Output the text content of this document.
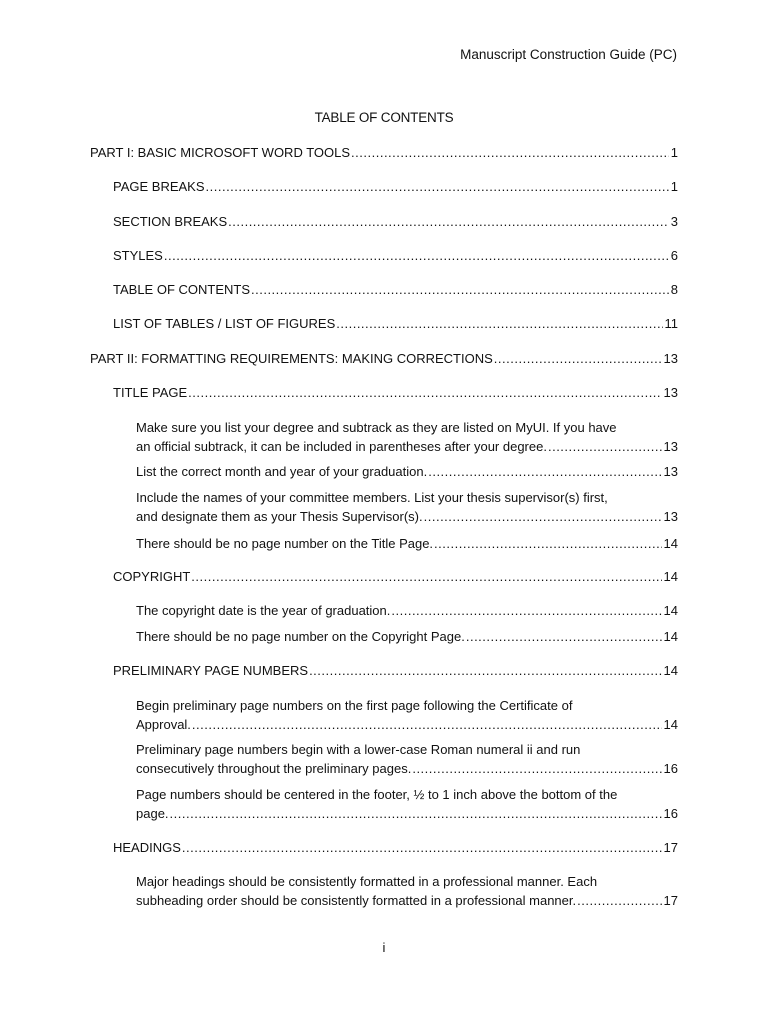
Manuscript Construction Guide (PC)
TABLE OF CONTENTS
PART I: BASIC MICROSOFT WORD TOOLS .....	1
PAGE BREAKS .....	1
SECTION BREAKS .....	3
STYLES .....	6
TABLE OF CONTENTS .....	8
LIST OF TABLES / LIST OF FIGURES .....	11
PART II: FORMATTING REQUIREMENTS: MAKING CORRECTIONS .....	13
TITLE PAGE .....	13
Make sure you list your degree and subtrack as they are listed on MyUI. If you have
an official subtrack, it can be included in parentheses after your degree. .....	13
List the correct month and year of your graduation. .....	13
Include the names of your committee members. List your thesis supervisor(s) first,
and designate them as your Thesis Supervisor(s). .....	13
There should be no page number on the Title Page. .....	14
COPYRIGHT .....	14
The copyright date is the year of graduation. .....	14
There should be no page number on the Copyright Page. .....	14
PRELIMINARY PAGE NUMBERS .....	14
Begin preliminary page numbers on the first page following the Certificate of
Approval. .....	14
Preliminary page numbers begin with a lower-case Roman numeral ii and run
consecutively throughout the preliminary pages. .....	16
Page numbers should be centered in the footer, ½ to 1 inch above the bottom of the
page. .....	16
HEADINGS .....	17
Major headings should be consistently formatted in a professional manner. Each
subheading order should be consistently formatted in a professional manner. .....	17
i
